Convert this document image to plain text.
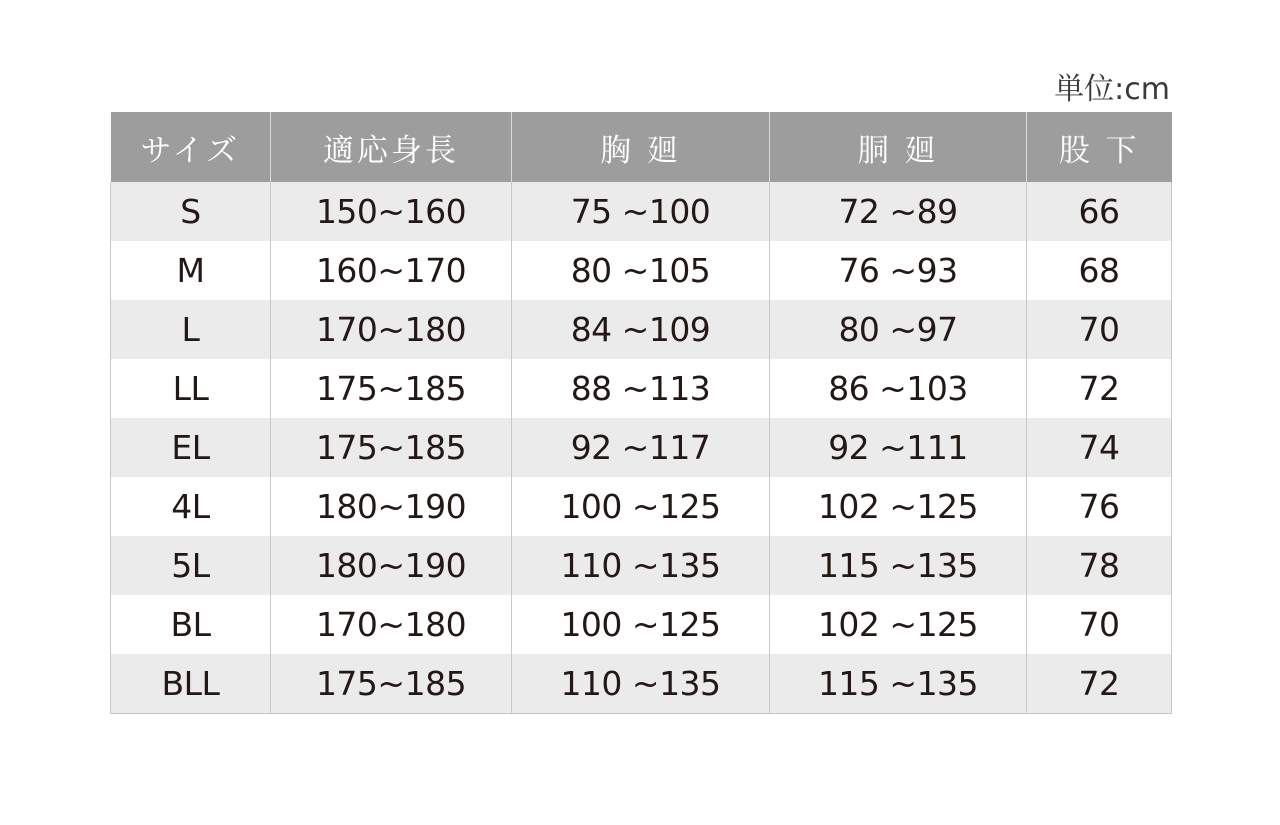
単位:cm
サイズ	適応身長	胸 廻	胴 廻	股 下
S	150~160	75 ~100	72 ~89	66
M	160~170	80 ~105	76 ~93	68
L	170~180	84 ~109	80 ~97	70
LL	175~185	88 ~113	86 ~103	72
EL	175~185	92 ~117	92 ~111	74
4L	180~190	100 ~125	102 ~125	76
5L	180~190	110 ~135	115 ~135	78
BL	170~180	100 ~125	102 ~125	70
BLL	175~185	110 ~135	115 ~135	72
